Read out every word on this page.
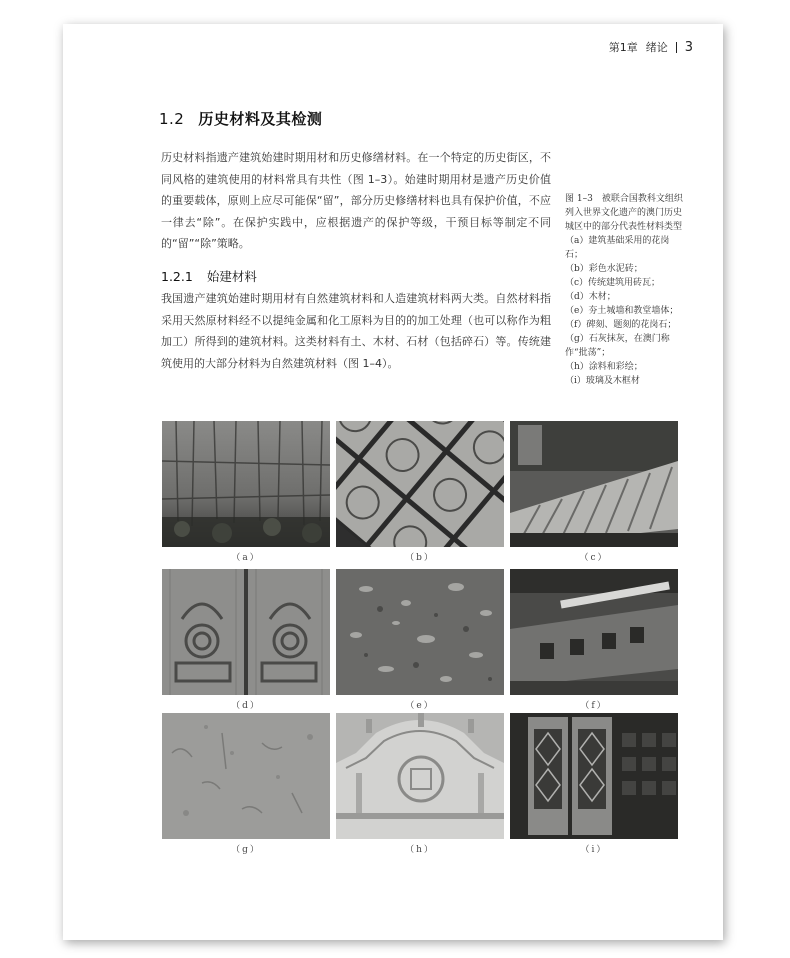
第1章 绪论 3
1.2 历史材料及其检测

历史材料指遗产建筑始建时期用材和历史修缮材料。在一个特定的历史街区，不同风格的建筑使用的材料常具有共性（图 1–3）。始建时期用材是遗产历史价值的重要载体，原则上应尽可能保“留”，部分历史修缮材料也具有保护价值，不应一律去“除”。在保护实践中，应根据遗产的保护等级，干预目标等制定不同的“留”“除”策略。

1.2.1 始建材料

我国遗产建筑始建时期用材有自然建筑材料和人造建筑材料两大类。自然材料指采用天然原材料经不以提纯金属和化工原料为目的的加工处理（也可以称作为粗加工）所得到的建筑材料。这类材料有土、木材、石材（包括碎石）等。传统建筑使用的大部分材料为自然建筑材料（图 1–4）。

图 1–3　被联合国教科文组织列入世界文化遗产的澳门历史城区中的部分代表性材料类型
（a）建筑基础采用的花岗石；
（b）彩色水泥砖；
（c）传统建筑用砖瓦；
（d）木材；
（e）夯土城墙和教堂墙体；
（f）碑刻、题刻的花岗石；
（g）石灰抹灰，在澳门称作“批荡”；
（h）涂料和彩绘；
（i）玻璃及木框材
（a）	（b）	（c）
（d）	（e）	（f）
（g）	（h）	（i）
